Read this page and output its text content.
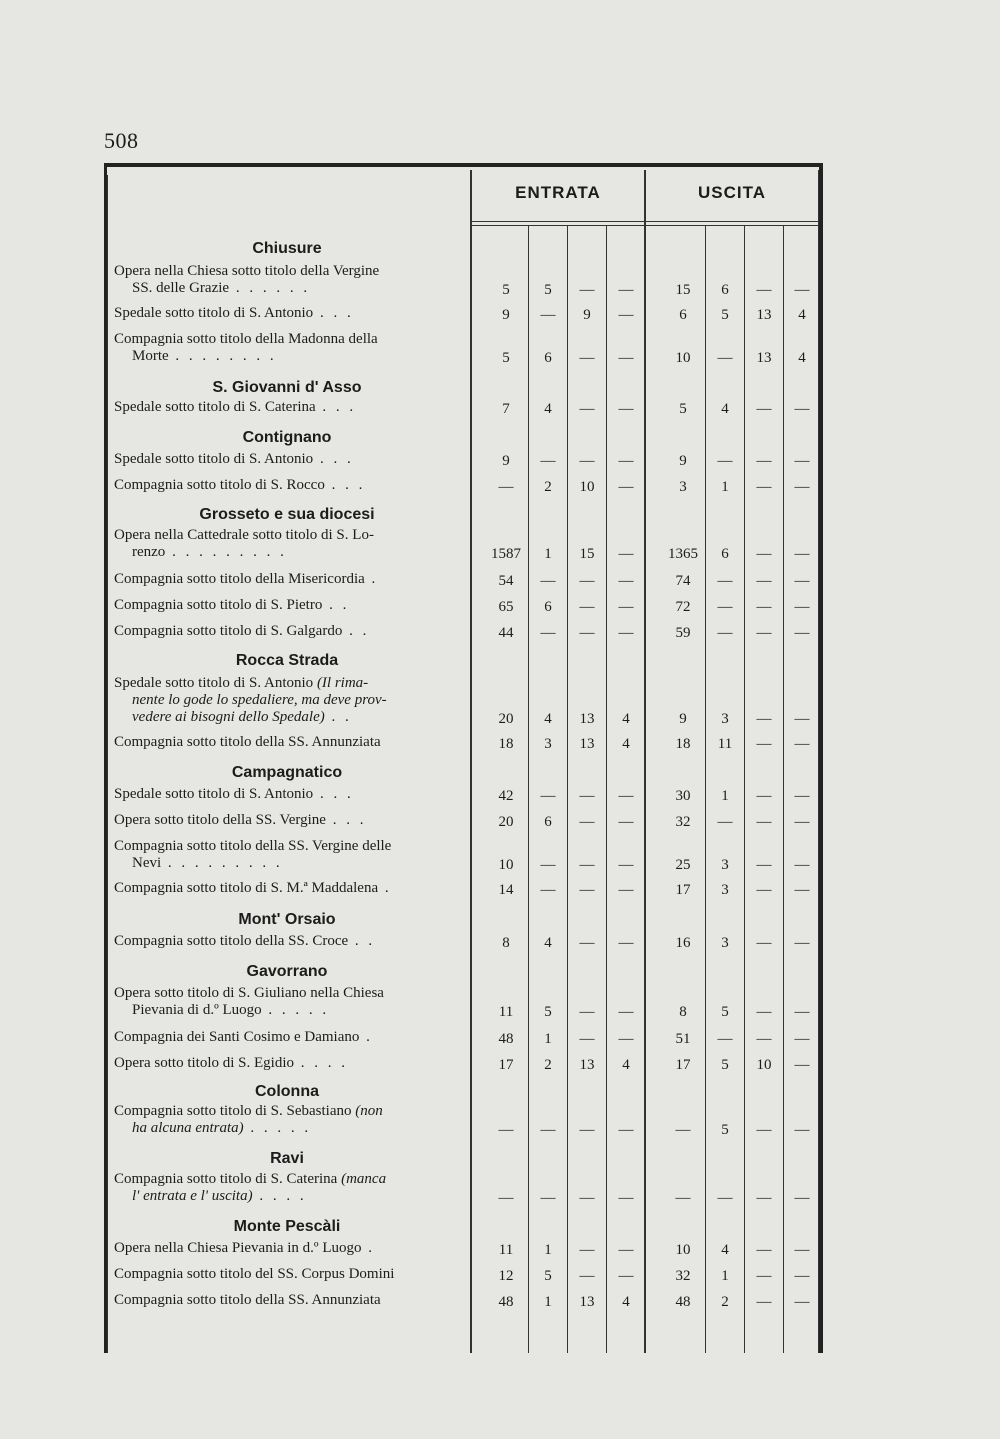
508
ENTRATA	USCITA
Chiusure
Opera nella Chiesa sotto titolo della Vergine
SS. delle Grazie . . . . . .	5	5	—	—	15	6	—	—
Spedale sotto titolo di S. Antonio . . .	9	—	9	—	6	5	13	4
Compagnia sotto titolo della Madonna della
Morte . . . . . . . .	5	6	—	—	10	—	13	4
S. Giovanni d' Asso
Spedale sotto titolo di S. Caterina . . .	7	4	—	—	5	4	—	—
Contignano
Spedale sotto titolo di S. Antonio . . .	9	—	—	—	9	—	—	—
Compagnia sotto titolo di S. Rocco . . .	—	2	10	—	3	1	—	—
Grosseto e sua diocesi
Opera nella Cattedrale sotto titolo di S. Lo-
renzo . . . . . . . . .	1587	1	15	—	1365	6	—	—
Compagnia sotto titolo della Misericordia .	54	—	—	—	74	—	—	—
Compagnia sotto titolo di S. Pietro . .	65	6	—	—	72	—	—	—
Compagnia sotto titolo di S. Galgardo . .	44	—	—	—	59	—	—	—
Rocca Strada
Spedale sotto titolo di S. Antonio (Il rima-
nente lo gode lo spedaliere, ma deve prov-
vedere ai bisogni dello Spedale) . .	20	4	13	4	9	3	—	—
Compagnia sotto titolo della SS. Annunziata	18	3	13	4	18	11	—	—
Campagnatico
Spedale sotto titolo di S. Antonio . . .	42	—	—	—	30	1	—	—
Opera sotto titolo della SS. Vergine . . .	20	6	—	—	32	—	—	—
Compagnia sotto titolo della SS. Vergine delle
Nevi . . . . . . . . .	10	—	—	—	25	3	—	—
Compagnia sotto titolo di S. M.ª Maddalena .	14	—	—	—	17	3	—	—
Mont' Orsaio
Compagnia sotto titolo della SS. Croce . .	8	4	—	—	16	3	—	—
Gavorrano
Opera sotto titolo di S. Giuliano nella Chiesa
Pievania di d.º Luogo . . . . .	11	5	—	—	8	5	—	—
Compagnia dei Santi Cosimo e Damiano .	48	1	—	—	51	—	—	—
Opera sotto titolo di S. Egidio . . . .	17	2	13	4	17	5	10	—
Colonna
Compagnia sotto titolo di S. Sebastiano (non
ha alcuna entrata) . . . . .	—	—	—	—	—	5	—	—
Ravi
Compagnia sotto titolo di S. Caterina (manca
l' entrata e l' uscita) . . . .	—	—	—	—	—	—	—	—
Monte Pescàli
Opera nella Chiesa Pievania in d.º Luogo .	11	1	—	—	10	4	—	—
Compagnia sotto titolo del SS. Corpus Domini	12	5	—	—	32	1	—	—
Compagnia sotto titolo della SS. Annunziata	48	1	13	4	48	2	—	—
